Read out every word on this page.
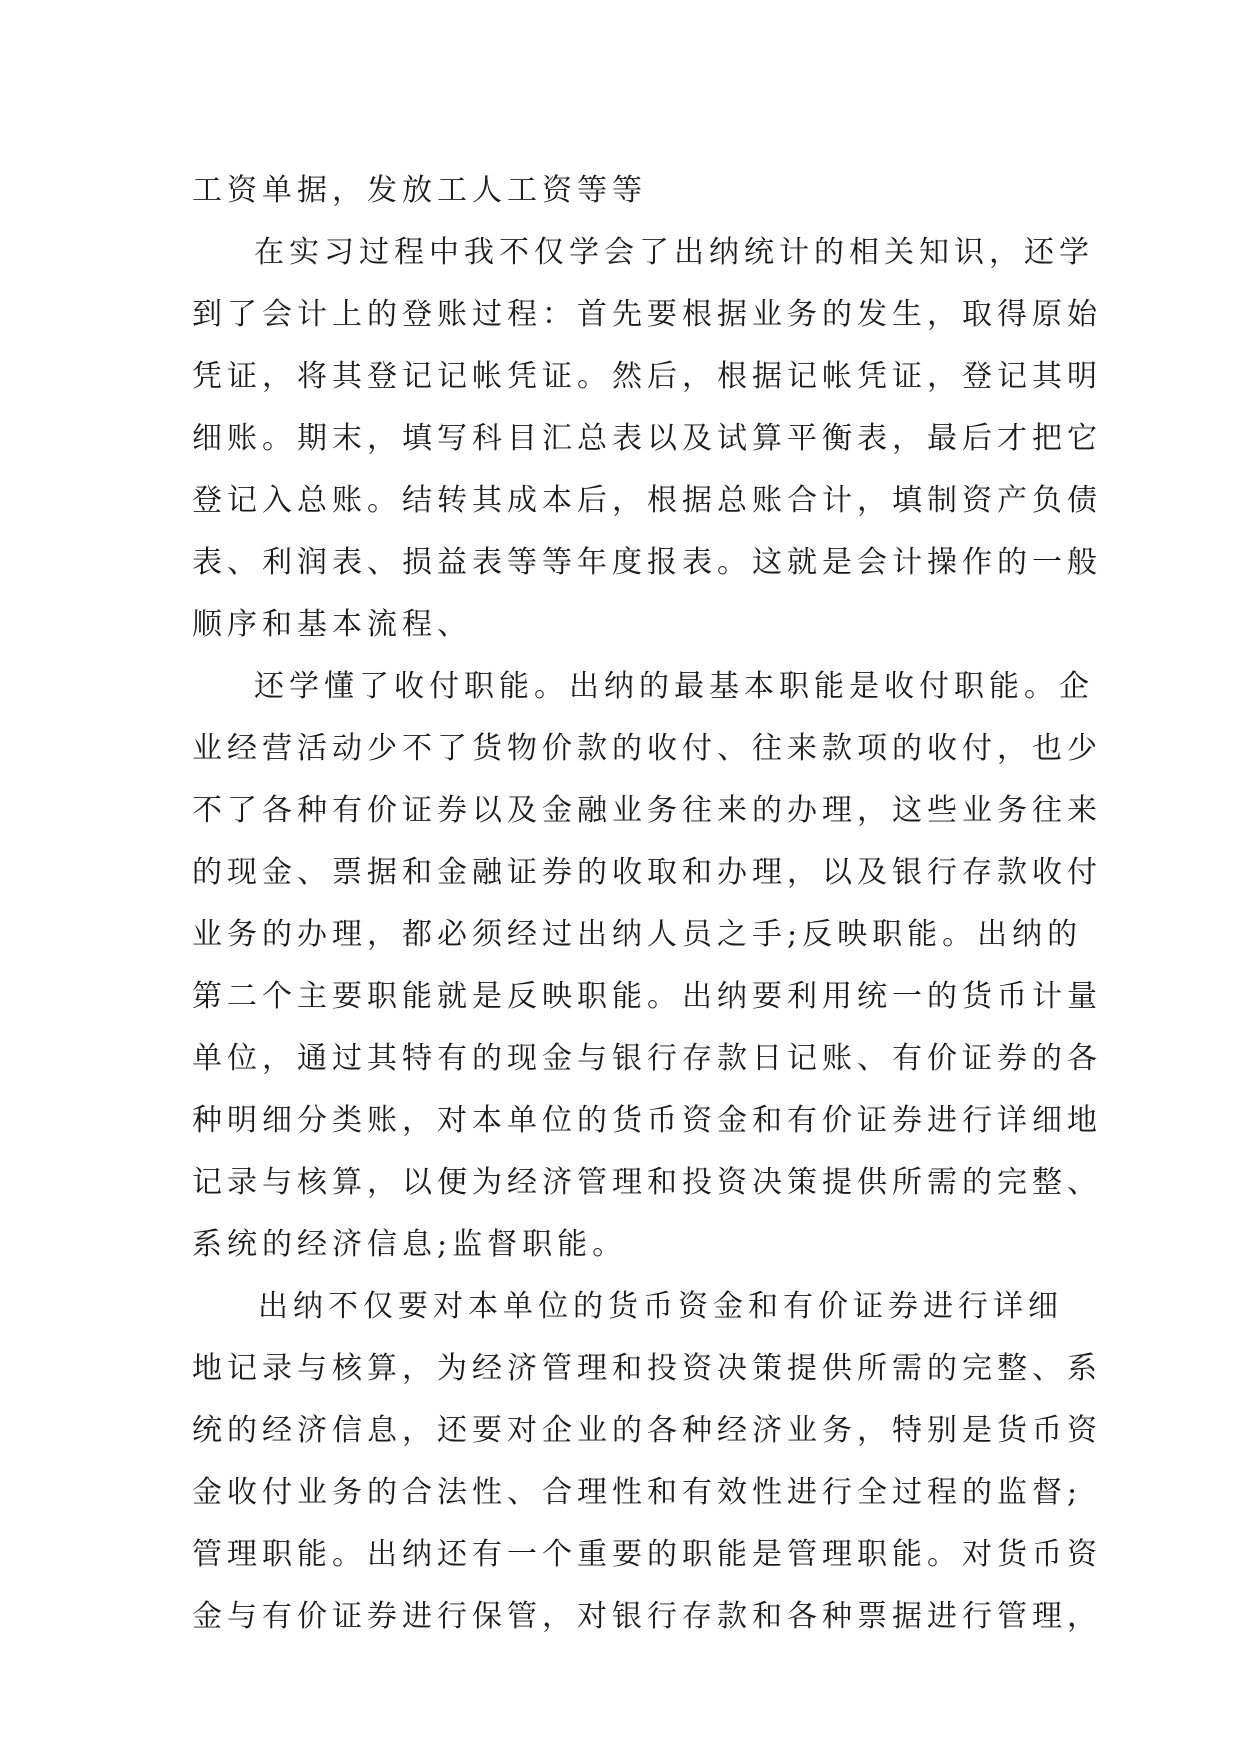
工资单据，发放工人工资等等
在实习过程中我不仅学会了出纳统计的相关知识，还学
到了会计上的登账过程：首先要根据业务的发生，取得原始
凭证，将其登记记帐凭证。然后，根据记帐凭证，登记其明
细账。期末，填写科目汇总表以及试算平衡表，最后才把它
登记入总账。结转其成本后，根据总账合计，填制资产负债
表、利润表、损益表等等年度报表。这就是会计操作的一般
顺序和基本流程、
还学懂了收付职能。出纳的最基本职能是收付职能。企
业经营活动少不了货物价款的收付、往来款项的收付，也少
不了各种有价证券以及金融业务往来的办理，这些业务往来
的现金、票据和金融证券的收取和办理，以及银行存款收付
业务的办理，都必须经过出纳人员之手;反映职能。出纳的
第二个主要职能就是反映职能。出纳要利用统一的货币计量
单位，通过其特有的现金与银行存款日记账、有价证券的各
种明细分类账，对本单位的货币资金和有价证券进行详细地
记录与核算，以便为经济管理和投资决策提供所需的完整、
系统的经济信息;监督职能。
出纳不仅要对本单位的货币资金和有价证券进行详细
地记录与核算，为经济管理和投资决策提供所需的完整、系
统的经济信息，还要对企业的各种经济业务，特别是货币资
金收付业务的合法性、合理性和有效性进行全过程的监督;
管理职能。出纳还有一个重要的职能是管理职能。对货币资
金与有价证券进行保管，对银行存款和各种票据进行管理，
